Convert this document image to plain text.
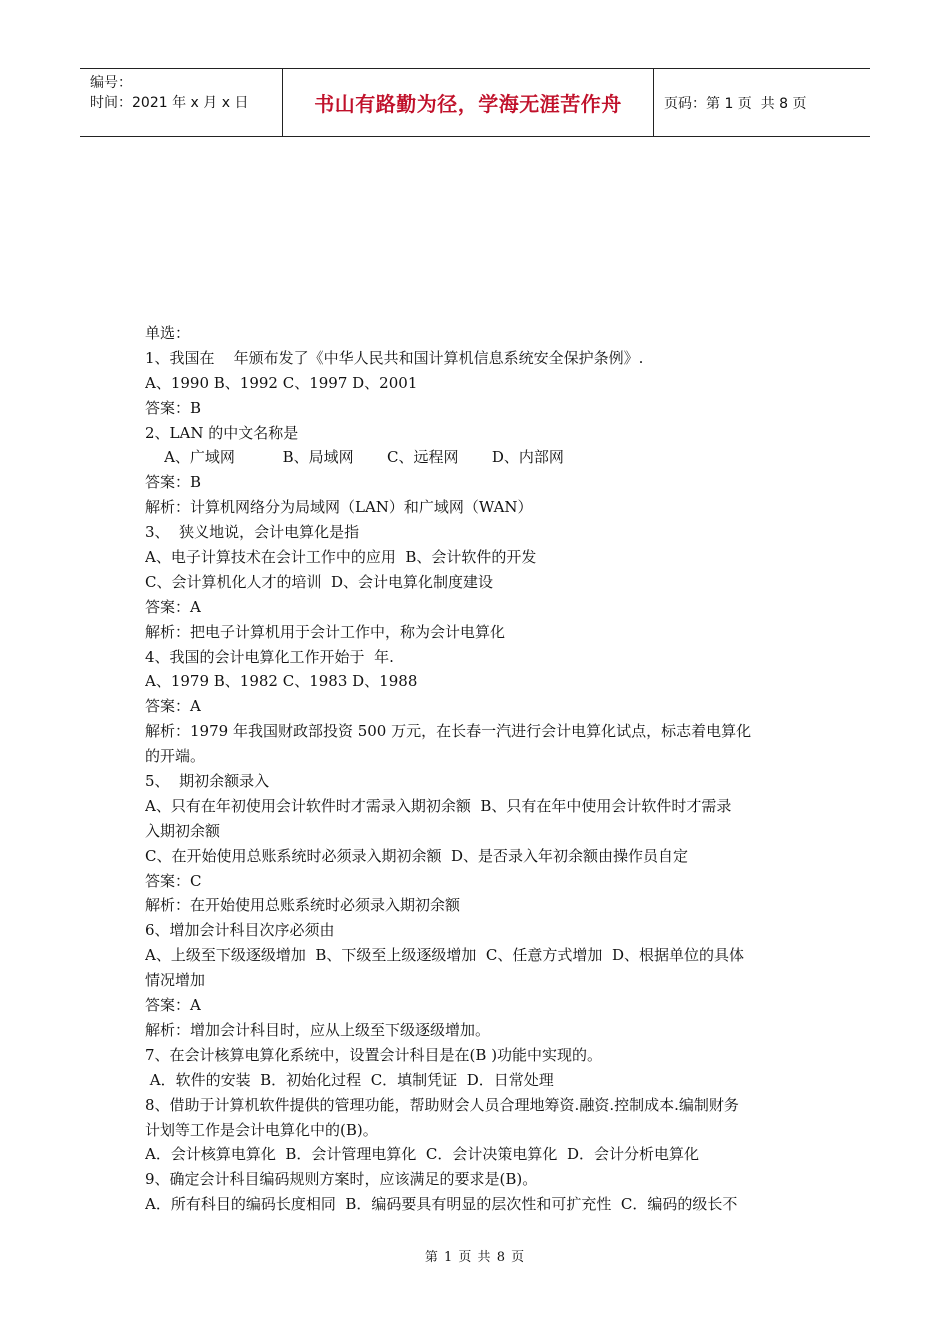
编号：
时间：2021 年 x 月 x 日	书山有路勤为径，学海无涯苦作舟	页码：第 1 页  共 8 页
单选：
1、我国在    年颁布发了《中华人民共和国计算机信息系统安全保护条例》.
A、1990 B、1992 C、1997 D、2001
答案：B
2、LAN 的中文名称是
A、广域网          B、局域网       C、远程网       D、内部网
答案：B
解析：计算机网络分为局域网（LAN）和广域网（WAN）
3、  狭义地说，会计电算化是指
A、电子计算技术在会计工作中的应用  B、会计软件的开发
C、会计算机化人才的培训  D、会计电算化制度建设
答案：A
解析：把电子计算机用于会计工作中，称为会计电算化
4、我国的会计电算化工作开始于  年.
A、1979 B、1982 C、1983 D、1988
答案：A
解析：1979 年我国财政部投资 500 万元，在长春一汽进行会计电算化试点，标志着电算化
的开端。
5、  期初余额录入
A、只有在年初使用会计软件时才需录入期初余额  B、只有在年中使用会计软件时才需录
入期初余额
C、在开始使用总账系统时必须录入期初余额  D、是否录入年初余额由操作员自定
答案：C
解析：在开始使用总账系统时必须录入期初余额
6、增加会计科目次序必须由
A、上级至下级逐级增加  B、下级至上级逐级增加  C、任意方式增加  D、根据单位的具体
情况增加
答案：A
解析：增加会计科目时，应从上级至下级逐级增加。
7、在会计核算电算化系统中，设置会计科目是在(B )功能中实现的。
A．软件的安装  B．初始化过程  C．填制凭证  D．日常处理
8、借助于计算机软件提供的管理功能，帮助财会人员合理地筹资.融资.控制成本.编制财务
计划等工作是会计电算化中的(B)。
A．会计核算电算化  B．会计管理电算化  C．会计决策电算化  D．会计分析电算化
9、确定会计科目编码规则方案时，应该满足的要求是(B)。
A．所有科目的编码长度相同  B．编码要具有明显的层次性和可扩充性  C．编码的级长不
第 1 页 共 8 页
